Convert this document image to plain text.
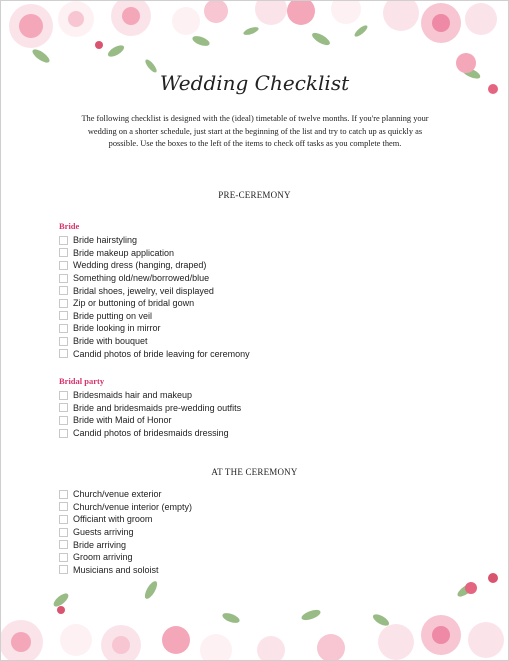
Wedding Checklist
The following checklist is designed with the (ideal) timetable of twelve months. If you're planning your wedding on a shorter schedule, just start at the beginning of the list and try to catch up as quickly as possible. Use the boxes to the left of the items to check off tasks as you complete them.
PRE-CEREMONY
Bride
Bride hairstyling
Bride makeup application
Wedding dress (hanging, draped)
Something old/new/borrowed/blue
Bridal shoes, jewelry, veil displayed
Zip or buttoning of bridal gown
Bride putting on veil
Bride looking in mirror
Bride with bouquet
Candid photos of bride leaving for ceremony
Bridal party
Bridesmaids hair and makeup
Bride and bridesmaids pre-wedding outfits
Bride with Maid of Honor
Candid photos of bridesmaids dressing
AT THE CEREMONY
Church/venue exterior
Church/venue interior (empty)
Officiant with groom
Guests arriving
Bride arriving
Groom arriving
Musicians and soloist
